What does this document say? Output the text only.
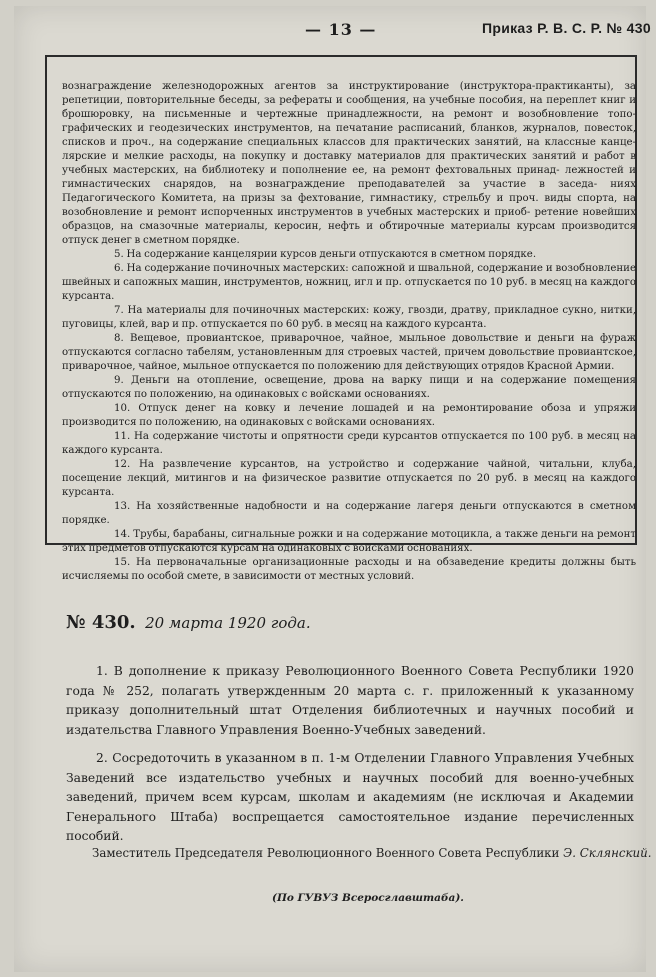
— 13 —	Приказ Р. В. С. Р. № 430

вознаграждение железнодорожных агентов за инструктирование (инструктора-практиканты), за репетиции, повторительные беседы, за рефераты и сообщения, на учебные пособия, на переплет книг и брошюровку, на письменные и чертежные принадлежности, на ремонт и возобновление топо- графических и геодезических инструментов, на печатание расписаний, бланков, журналов, повесток, списков и проч., на содержание специальных классов для практических занятий, на классные канце- лярские и мелкие расходы, на покупку и доставку материалов для практических занятий и работ в учебных мастерских, на библиотеку и пополнение ее, на ремонт фехтовальных принад- лежностей и гимнастических снарядов, на вознаграждение преподавателей за участие в заседа- ниях Педагогического Комитета, на призы за фехтование, гимнастику, стрельбу и проч. виды спорта, на возобновление и ремонт испорченных инструментов в учебных мастерских и приоб- ретение новейших образцов, на смазочные материалы, керосин, нефть и обтирочные материалы курсам производится отпуск денег в сметном порядке.

5. На содержание канцелярии курсов деньги отпускаются в сметном порядке.

6. На содержание починочных мастерских: сапожной и швальной, содержание и возобновление швейных и сапожных машин, инструментов, ножниц, игл и пр. отпускается по 10 руб. в месяц на каждого курсанта.

7. На материалы для починочных мастерских: кожу, гвозди, дратву, прикладное сукно, нитки, пуговицы, клей, вар и пр. отпускается по 60 руб. в месяц на каждого курсанта.

8. Вещевое, провиантское, приварочное, чайное, мыльное довольствие и деньги на фураж отпускаются согласно табелям, установленным для строевых частей, причем довольствие провиантское, приварочное, чайное, мыльное отпускается по положению для действующих отрядов Красной Армии.

9. Деньги на отопление, освещение, дрова на варку пищи и на содержание помещения отпускаются по положению, на одинаковых с войсками основаниях.

10. Отпуск денег на ковку и лечение лошадей и на ремонтирование обоза и упряжи производится по положению, на одинаковых с войсками основаниях.

11. На содержание чистоты и опрятности среди курсантов отпускается по 100 руб. в месяц на каждого курсанта.

12. На развлечение курсантов, на устройство и содержание чайной, читальни, клуба, посещение лекций, митингов и на физическое развитие отпускается по 20 руб. в месяц на каждого курсанта.

13. На хозяйственные надобности и на содержание лагеря деньги отпускаются в сметном порядке.

14. Трубы, барабаны, сигнальные рожки и на содержание мотоцикла, а также деньги на ремонт этих предметов отпускаются курсам на одинаковых с войсками основаниях.

15. На первоначальные организационные расходы и на обзаведение кредиты должны быть исчисляемы по особой смете, в зависимости от местных условий.

№ 430. 20 марта 1920 года.

1. В дополнение к приказу Революционного Военного Совета Республики 1920 года № 252, полагать утвержденным 20 марта с. г. приложенный к указанному приказу дополнительный штат Отделения библиотечных и научных пособий и издательства Главного Управления Военно-Учебных заведений.

2. Сосредоточить в указанном в п. 1-м Отделении Главного Управления Учебных Заведений все издательство учебных и научных пособий для военно-учебных заведений, причем всем курсам, школам и академиям (не исключая и Академии Генерального Штаба) воспрещается самостоятельное издание перечисленных пособий.

Заместитель Председателя Революционного Военного Совета Республики Э. Склянский.
(По ГУВУЗ Всеросглавштаба).
